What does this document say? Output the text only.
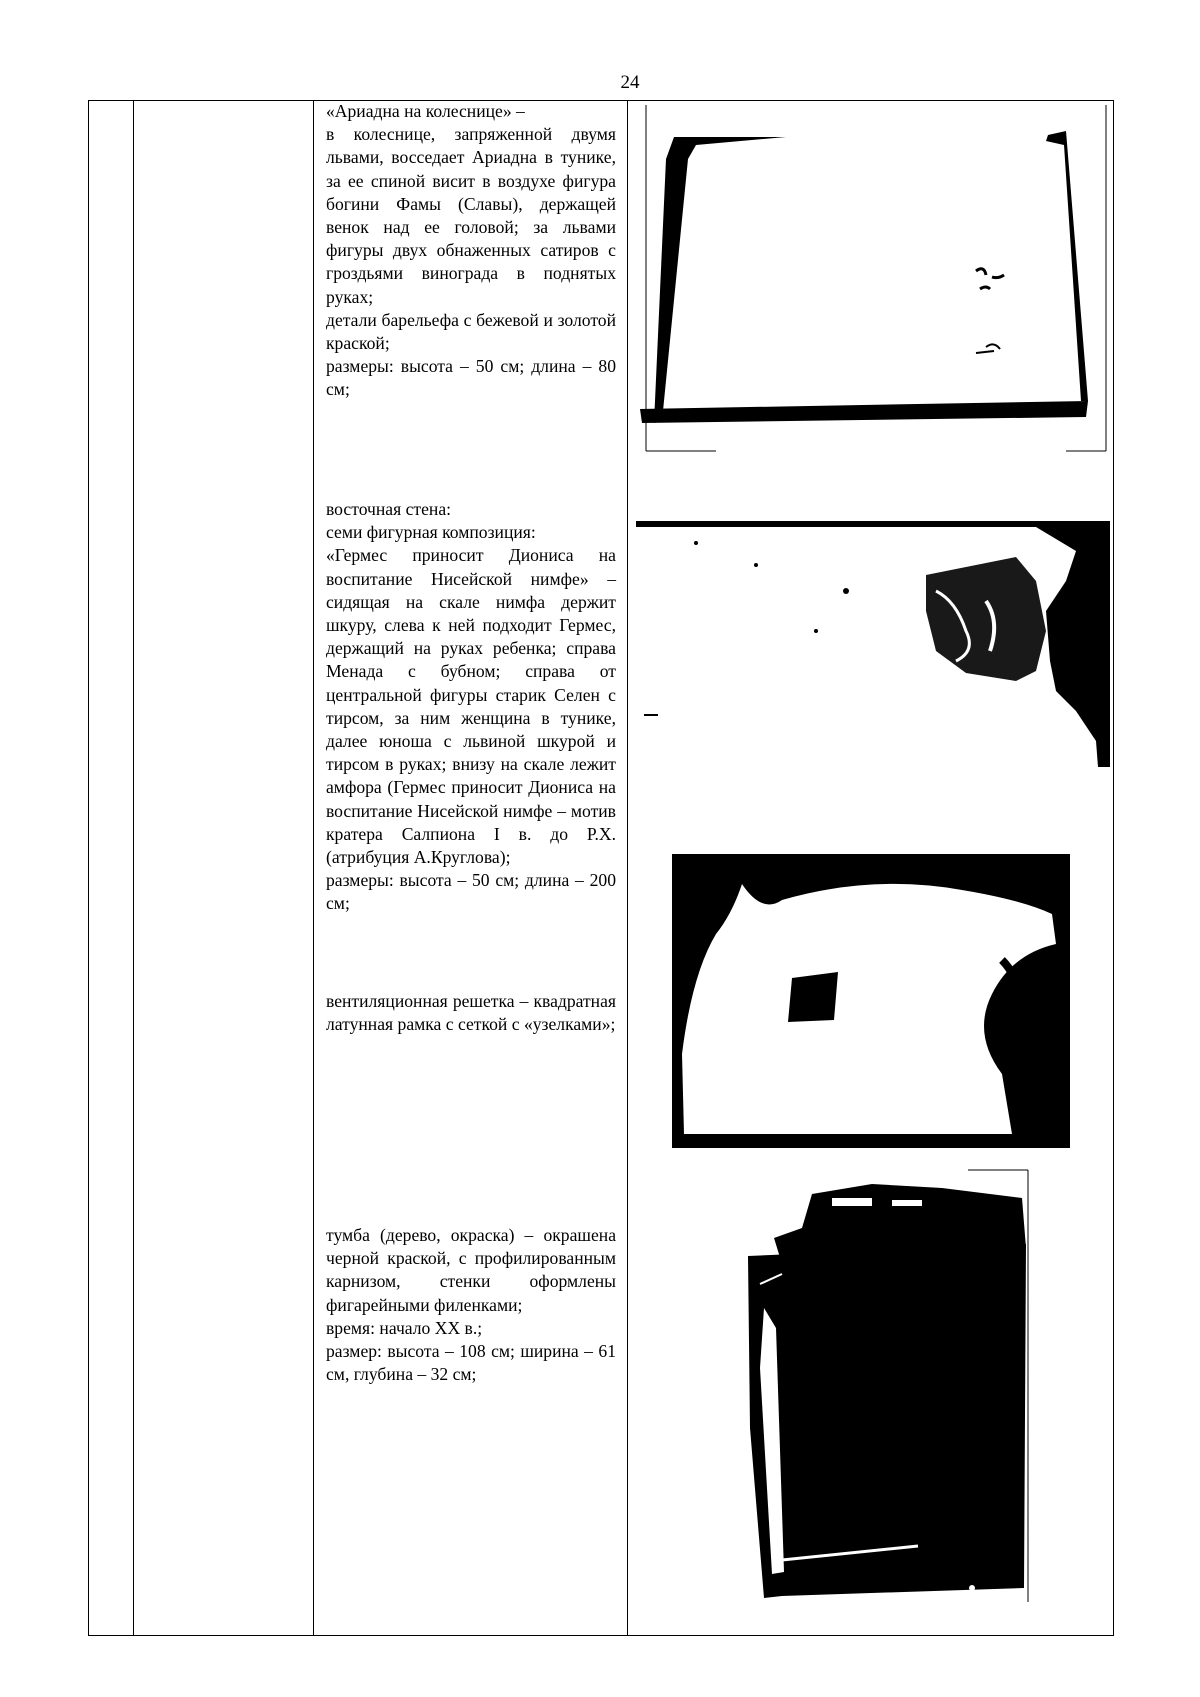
24
«Ариадна на колеснице» –
в колеснице, запряженной двумя львами, восседает Ариадна в тунике, за ее спиной висит в воздухе фигура богини Фамы (Славы), держащей венок над ее головой; за львами фигуры двух обнаженных сатиров с гроздьями винограда в поднятых руках;
детали барельефа с бежевой и золотой краской;
размеры: высота – 50 см; длина – 80 см;
восточная стена:
семи фигурная композиция:
«Гермес приносит Диониса на воспитание Нисейской нимфе» – сидящая на скале нимфа держит шкуру, слева к ней подходит Гермес, держащий на руках ребенка; справа Менада с бубном; справа от центральной фигуры старик Селен с тирсом, за ним женщина в тунике, далее юноша с львиной шкурой и тирсом в руках; внизу на скале лежит амфора (Гермес приносит Диониса на воспитание Нисейской нимфе – мотив кратера Салпиона I в. до Р.Х. (атрибуция А.Круглова);
размеры: высота – 50 см; длина – 200 см;
вентиляционная решетка – квадратная латунная рамка с сеткой с «узелками»;
тумба (дерево, окраска) – окрашена черной краской, с профилированным карнизом, стенки оформлены фигарейными филенками;
время: начало XX в.;
размер: высота – 108 см; ширина – 61 см, глубина – 32 см;
